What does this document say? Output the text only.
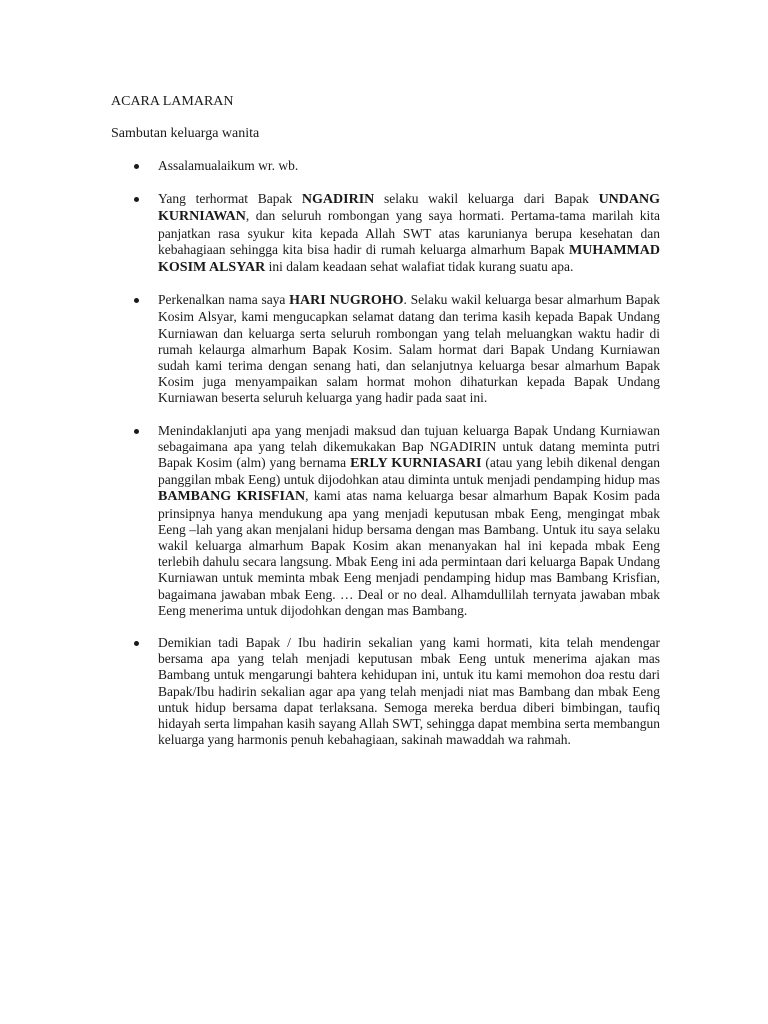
ACARA LAMARAN

Sambutan keluarga wanita

Assalamualaikum wr. wb.
Yang terhormat Bapak NGADIRIN selaku wakil keluarga dari Bapak UNDANG KURNIAWAN, dan seluruh rombongan yang saya hormati. Pertama-tama marilah kita panjatkan rasa syukur kita kepada Allah SWT atas karunianya berupa kesehatan dan kebahagiaan sehingga kita bisa hadir di rumah keluarga almarhum Bapak MUHAMMAD KOSIM ALSYAR ini dalam keadaan sehat walafiat tidak kurang suatu apa.
Perkenalkan nama saya HARI NUGROHO. Selaku wakil keluarga besar almarhum Bapak Kosim Alsyar, kami mengucapkan selamat datang dan terima kasih kepada Bapak Undang Kurniawan dan keluarga serta seluruh rombongan yang telah meluangkan waktu hadir di rumah kelaurga almarhum Bapak Kosim. Salam hormat dari Bapak Undang Kurniawan sudah kami terima dengan senang hati, dan selanjutnya keluarga besar almarhum Bapak Kosim juga menyampaikan salam hormat mohon dihaturkan kepada Bapak Undang Kurniawan beserta seluruh keluarga yang hadir pada saat ini.
Menindaklanjuti apa yang menjadi maksud dan tujuan keluarga Bapak Undang Kurniawan sebagaimana apa yang telah dikemukakan Bap NGADIRIN untuk datang meminta putri Bapak Kosim (alm) yang bernama ERLY KURNIASARI (atau yang lebih dikenal dengan panggilan mbak Eeng) untuk dijodohkan atau diminta untuk menjadi pendamping hidup mas BAMBANG KRISFIAN, kami atas nama keluarga besar almarhum Bapak Kosim pada prinsipnya hanya mendukung apa yang menjadi keputusan mbak Eeng, mengingat mbak Eeng –lah yang akan menjalani hidup bersama dengan mas Bambang. Untuk itu saya selaku wakil keluarga almarhum Bapak Kosim akan menanyakan hal ini kepada mbak Eeng terlebih dahulu secara langsung. Mbak Eeng ini ada permintaan dari keluarga Bapak Undang Kurniawan untuk meminta mbak Eeng menjadi pendamping hidup mas Bambang Krisfian, bagaimana jawaban mbak Eeng. … Deal or no deal. Alhamdullilah ternyata jawaban mbak Eeng menerima untuk dijodohkan dengan mas Bambang.
Demikian tadi Bapak / Ibu hadirin sekalian yang kami hormati, kita telah mendengar bersama apa yang telah menjadi keputusan mbak Eeng untuk menerima ajakan mas Bambang untuk mengarungi bahtera kehidupan ini, untuk itu kami memohon doa restu dari Bapak/Ibu hadirin sekalian agar apa yang telah menjadi niat mas Bambang dan mbak Eeng untuk hidup bersama dapat terlaksana. Semoga mereka berdua diberi bimbingan, taufiq hidayah serta limpahan kasih sayang Allah SWT, sehingga dapat membina serta membangun keluarga yang harmonis penuh kebahagiaan, sakinah mawaddah wa rahmah.
